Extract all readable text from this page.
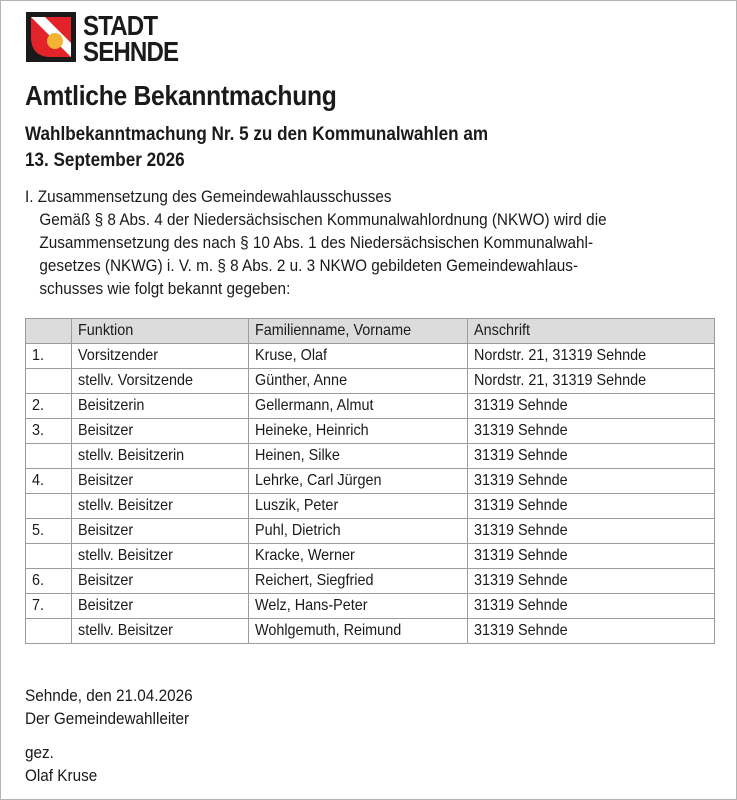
STADT
SEHNDE
Amtliche Bekanntmachung
Wahlbekanntmachung Nr. 5 zu den Kommunalwahlen am
13. September 2026
I. Zusammensetzung des Gemeindewahlausschusses
Gemäß § 8 Abs. 4 der Niedersächsischen Kommunalwahlordnung (NKWO) wird die
Zusammensetzung des nach § 10 Abs. 1 des Niedersächsischen Kommunalwahl-
gesetzes (NKWG) i. V. m. § 8 Abs. 2 u. 3 NKWO gebildeten Gemeindewahlaus-
schusses wie folgt bekannt gegeben:
	Funktion	Familienname, Vorname	Anschrift
1.	Vorsitzender	Kruse, Olaf	Nordstr. 21, 31319 Sehnde
	stellv. Vorsitzende	Günther, Anne	Nordstr. 21, 31319 Sehnde
2.	Beisitzerin	Gellermann, Almut	31319 Sehnde
3.	Beisitzer	Heineke, Heinrich	31319 Sehnde
	stellv. Beisitzerin	Heinen, Silke	31319 Sehnde
4.	Beisitzer	Lehrke, Carl Jürgen	31319 Sehnde
	stellv. Beisitzer	Luszik, Peter	31319 Sehnde
5.	Beisitzer	Puhl, Dietrich	31319 Sehnde
	stellv. Beisitzer	Kracke, Werner	31319 Sehnde
6.	Beisitzer	Reichert, Siegfried	31319 Sehnde
7.	Beisitzer	Welz, Hans-Peter	31319 Sehnde
	stellv. Beisitzer	Wohlgemuth, Reimund	31319 Sehnde
Sehnde, den 21.04.2026
Der Gemeindewahlleiter
gez.
Olaf Kruse
